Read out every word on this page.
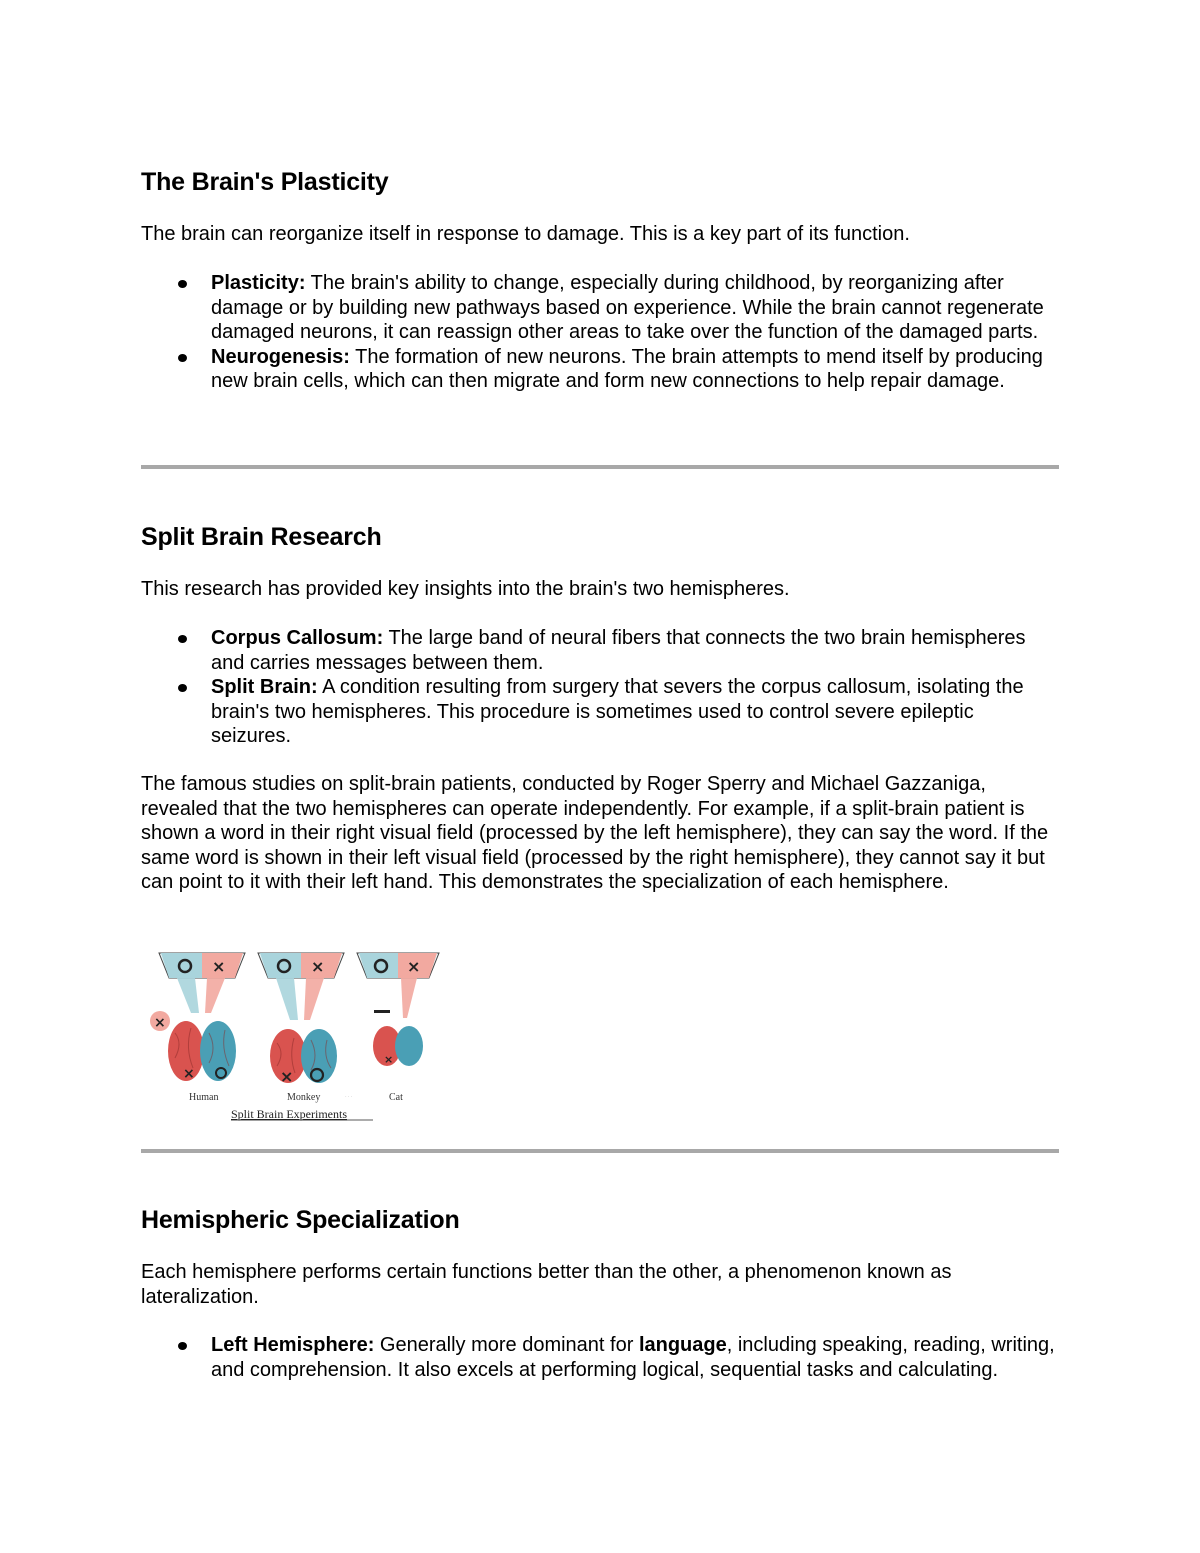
The Brain's Plasticity

The brain can reorganize itself in response to damage. This is a key part of its function.

Plasticity: The brain's ability to change, especially during childhood, by reorganizing after damage or by building new pathways based on experience. While the brain cannot regenerate damaged neurons, it can reassign other areas to take over the function of the damaged parts.
Neurogenesis: The formation of new neurons. The brain attempts to mend itself by producing new brain cells, which can then migrate and form new connections to help repair damage.
Split Brain Research

This research has provided key insights into the brain's two hemispheres.

Corpus Callosum: The large band of neural fibers that connects the two brain hemispheres and carries messages between them.
Split Brain: A condition resulting from surgery that severs the corpus callosum, isolating the brain's two hemispheres. This procedure is sometimes used to control severe epileptic seizures.

The famous studies on split-brain patients, conducted by Roger Sperry and Michael Gazzaniga, revealed that the two hemispheres can operate independently. For example, if a split-brain patient is shown a word in their right visual field (processed by the left hemisphere), they can say the word. If the same word is shown in their left visual field (processed by the right hemisphere), they cannot say it but can point to it with their left hand. This demonstrates the specialization of each hemisphere.

×
×
×
Human
×
×
Monkey
×
×
· · ·	Cat
Split Brain Experiments
Hemispheric Specialization

Each hemisphere performs certain functions better than the other, a phenomenon known as lateralization.

Left Hemisphere: Generally more dominant for language, including speaking, reading, writing, and comprehension. It also excels at performing logical, sequential tasks and calculating.
